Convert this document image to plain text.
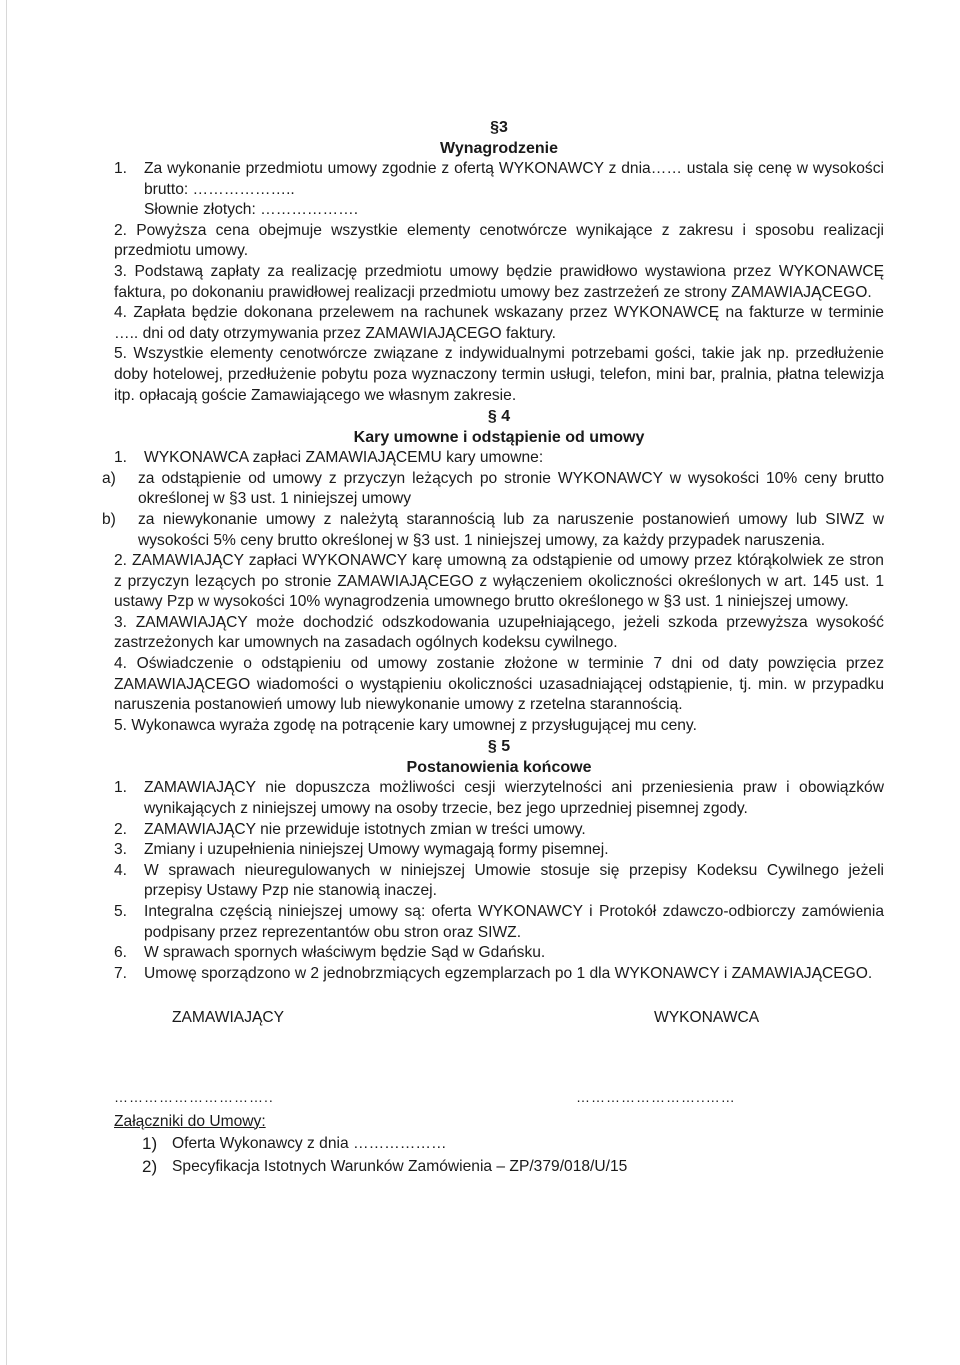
§3
Wynagrodzenie
1.	Za wykonanie przedmiotu umowy zgodnie z ofertą WYKONAWCY z dnia…… ustala się cenę w wysokości brutto: ………………..
Słownie złotych: ……………….
2. Powyższa cena obejmuje wszystkie elementy cenotwórcze wynikające z zakresu i sposobu realizacji przedmiotu umowy.
3. Podstawą zapłaty za realizację przedmiotu umowy będzie prawidłowo wystawiona przez WYKONAWCĘ faktura, po dokonaniu prawidłowej realizacji przedmiotu umowy bez zastrzeżeń ze strony ZAMAWIAJĄCEGO.
4. Zapłata będzie dokonana przelewem na rachunek wskazany przez WYKONAWCĘ na fakturze w terminie ….. dni od daty otrzymywania przez ZAMAWIAJĄCEGO faktury.
5. Wszystkie elementy cenotwórcze związane z indywidualnymi potrzebami gości, takie jak np. przedłużenie doby hotelowej, przedłużenie pobytu poza wyznaczony termin usługi, telefon, mini bar, pralnia, płatna telewizja itp. opłacają goście Zamawiającego we własnym zakresie.
§ 4
Kary umowne i odstąpienie od umowy
1.	WYKONAWCA zapłaci ZAMAWIAJĄCEMU kary umowne:
a)	za odstąpienie od umowy z przyczyn leżących po stronie WYKONAWCY w wysokości 10% ceny brutto określonej w §3 ust. 1 niniejszej umowy
b)	za niewykonanie umowy z należytą starannością lub za naruszenie postanowień umowy lub SIWZ w wysokości 5% ceny brutto określonej w §3 ust. 1 niniejszej umowy, za każdy przypadek naruszenia.
2. ZAMAWIAJĄCY zapłaci WYKONAWCY karę umowną za odstąpienie od umowy przez którąkolwiek ze stron z przyczyn lezących po stronie ZAMAWIAJĄCEGO z wyłączeniem okoliczności określonych w art. 145 ust. 1 ustawy Pzp w wysokości 10% wynagrodzenia umownego brutto określonego w §3 ust. 1 niniejszej umowy.
3. ZAMAWIAJĄCY może dochodzić odszkodowania uzupełniającego, jeżeli szkoda przewyższa wysokość zastrzeżonych kar umownych na zasadach ogólnych kodeksu cywilnego.
4. Oświadczenie o odstąpieniu od umowy zostanie złożone w terminie 7 dni od daty powzięcia przez ZAMAWIAJĄCEGO wiadomości o wystąpieniu okoliczności uzasadniającej odstąpienie, tj. min. w przypadku naruszenia postanowień umowy lub niewykonanie umowy z rzetelna starannością.
5. Wykonawca wyraża zgodę na potrącenie kary umownej z przysługującej mu ceny.
§ 5
Postanowienia końcowe
1.	ZAMAWIAJĄCY nie dopuszcza możliwości cesji wierzytelności ani przeniesienia praw i obowiązków wynikających z niniejszej umowy na osoby trzecie, bez jego uprzedniej pisemnej zgody.
2.	ZAMAWIAJĄCY nie przewiduje istotnych zmian w treści umowy.
3.	Zmiany i uzupełnienia niniejszej Umowy wymagają formy pisemnej.
4.	W sprawach nieuregulowanych w niniejszej Umowie stosuje się przepisy Kodeksu Cywilnego jeżeli przepisy Ustawy Pzp nie stanowią inaczej.
5.	Integralna częścią niniejszej umowy są: oferta WYKONAWCY i Protokół zdawczo-odbiorczy zamówienia podpisany przez reprezentantów obu stron oraz SIWZ.
6.	W sprawach spornych właściwym będzie Sąd w Gdańsku.
7.	Umowę sporządzono w 2 jednobrzmiących egzemplarzach po 1 dla WYKONAWCY i ZAMAWIAJĄCEGO.
ZAMAWIAJĄCY	WYKONAWCA
…………………………..	……………………..……
Załączniki do Umowy:
1) Oferta Wykonawcy z dnia ………………
2) Specyfikacja Istotnych Warunków Zamówienia – ZP/379/018/U/15
